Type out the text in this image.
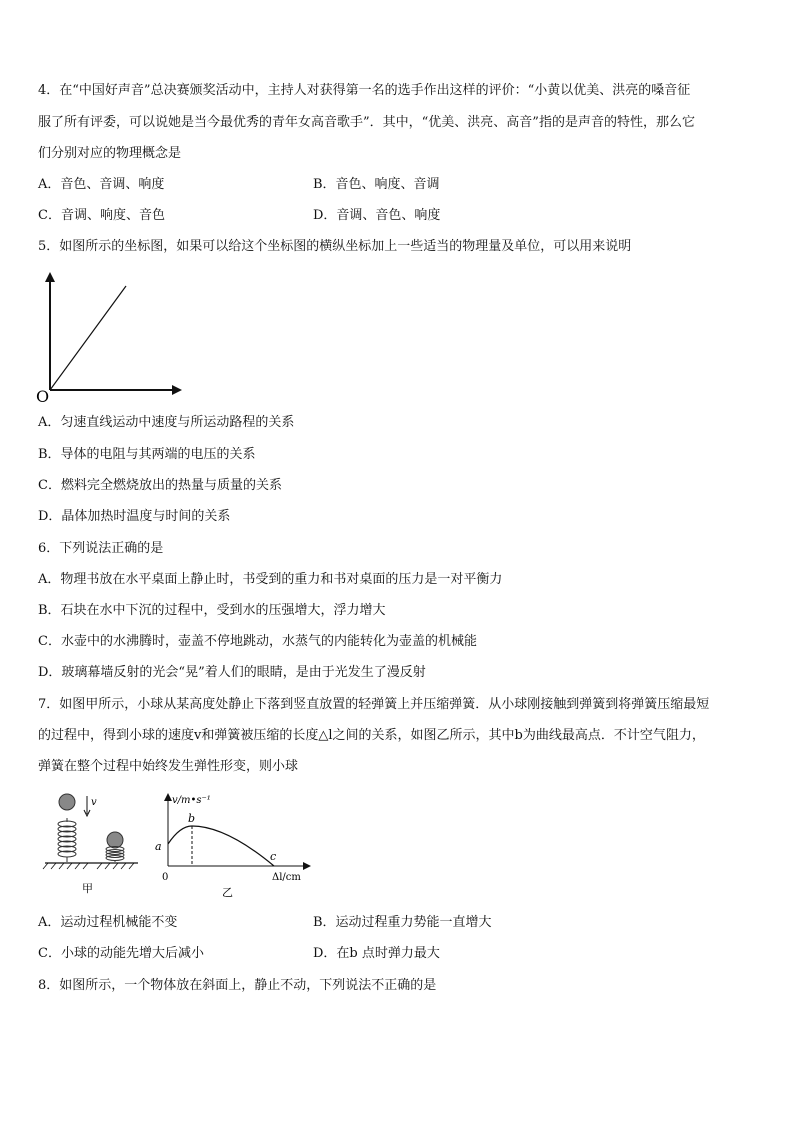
4．在“中国好声音”总决赛颁奖活动中，主持人对获得第一名的选手作出这样的评价：“小黄以优美、洪亮的嗓音征
服了所有评委，可以说她是当今最优秀的青年女高音歌手”．其中，“优美、洪亮、高音”指的是声音的特性，那么它
们分别对应的物理概念是
A．音色、音调、响度	B．音色、响度、音调
C．音调、响度、音色	D．音调、音色、响度
5．如图所示的坐标图，如果可以给这个坐标图的横纵坐标加上一些适当的物理量及单位，可以用来说明
O
A．匀速直线运动中速度与所运动路程的关系
B．导体的电阻与其两端的电压的关系
C．燃料完全燃烧放出的热量与质量的关系
D．晶体加热时温度与时间的关系
6．下列说法正确的是
A．物理书放在水平桌面上静止时，书受到的重力和书对桌面的压力是一对平衡力
B．石块在水中下沉的过程中，受到水的压强增大，浮力增大
C．水壶中的水沸腾时，壶盖不停地跳动，水蒸气的内能转化为壶盖的机械能
D．玻璃幕墙反射的光会“晃”着人们的眼睛，是由于光发生了漫反射
7．如图甲所示，小球从某高度处静止下落到竖直放置的轻弹簧上并压缩弹簧．从小球刚接触到弹簧到将弹簧压缩最短
的过程中，得到小球的速度v和弹簧被压缩的长度△l之间的关系，如图乙所示，其中b为曲线最高点．不计空气阻力，
弹簧在整个过程中始终发生弹性形变，则小球
v
甲
v/m•s⁻¹
a
b
c
0	Δl/cm
乙
A．运动过程机械能不变	B．运动过程重力势能一直增大
C．小球的动能先增大后减小	D．在b 点时弹力最大
8．如图所示，一个物体放在斜面上，静止不动，下列说法不正确的是
